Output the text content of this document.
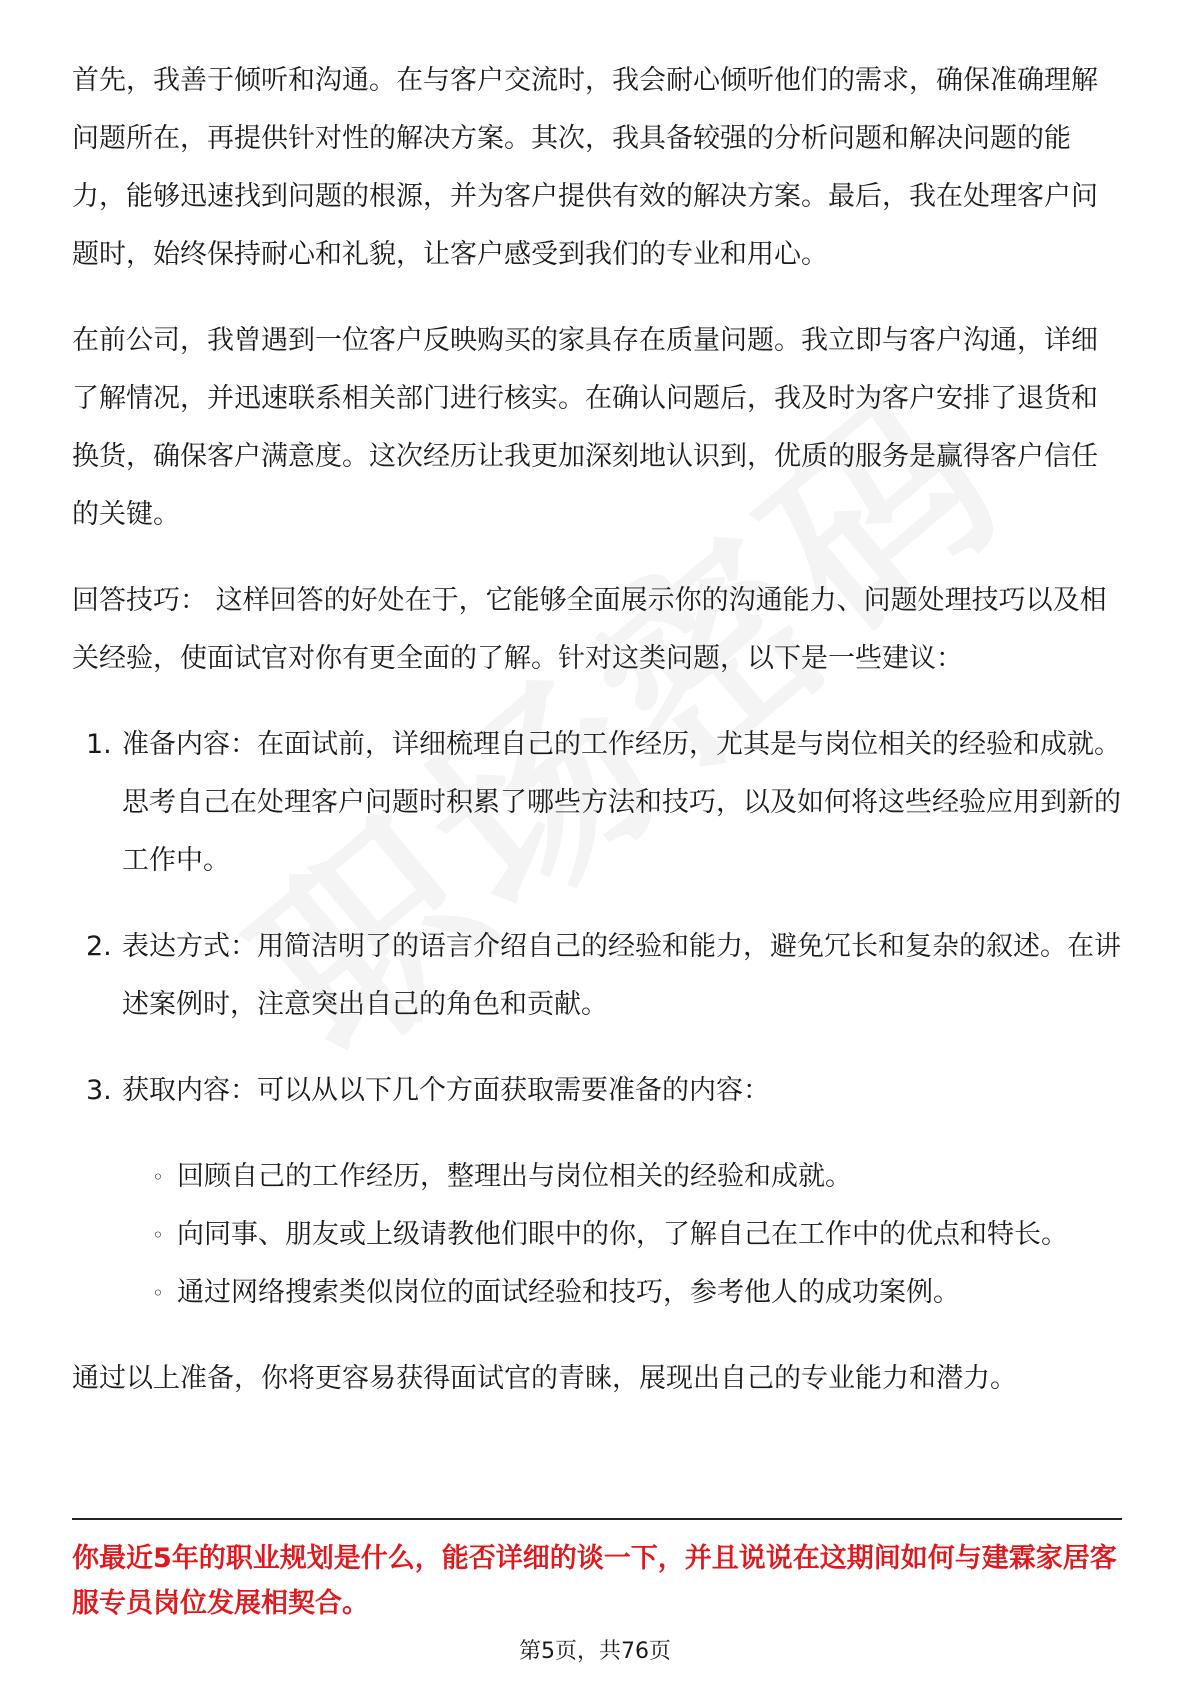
首先，我善于倾听和沟通。在与客户交流时，我会耐心倾听他们的需求，确保准确理解问题所在，再提供针对性的解决方案。其次，我具备较强的分析问题和解决问题的能力，能够迅速找到问题的根源，并为客户提供有效的解决方案。最后，我在处理客户问题时，始终保持耐心和礼貌，让客户感受到我们的专业和用心。

在前公司，我曾遇到一位客户反映购买的家具存在质量问题。我立即与客户沟通，详细了解情况，并迅速联系相关部门进行核实。在确认问题后，我及时为客户安排了退货和换货，确保客户满意度。这次经历让我更加深刻地认识到，优质的服务是赢得客户信任的关键。

回答技巧： 这样回答的好处在于，它能够全面展示你的沟通能力、问题处理技巧以及相关经验，使面试官对你有更全面的了解。针对这类问题，以下是一些建议：

1. 准备内容：在面试前，详细梳理自己的工作经历，尤其是与岗位相关的经验和成就。思考自己在处理客户问题时积累了哪些方法和技巧，以及如何将这些经验应用到新的工作中。
2. 表达方式：用简洁明了的语言介绍自己的经验和能力，避免冗长和复杂的叙述。在讲述案例时，注意突出自己的角色和贡献。
3. 获取内容：可以从以下几个方面获取需要准备的内容：
◦ 回顾自己的工作经历，整理出与岗位相关的经验和成就。
◦ 向同事、朋友或上级请教他们眼中的你，了解自己在工作中的优点和特长。
◦ 通过网络搜索类似岗位的面试经验和技巧，参考他人的成功案例。

通过以上准备，你将更容易获得面试官的青睐，展现出自己的专业能力和潜力。

你最近5年的职业规划是什么，能否详细的谈一下，并且说说在这期间如何与建霖家居客服专员岗位发展相契合。

第5页，共76页
